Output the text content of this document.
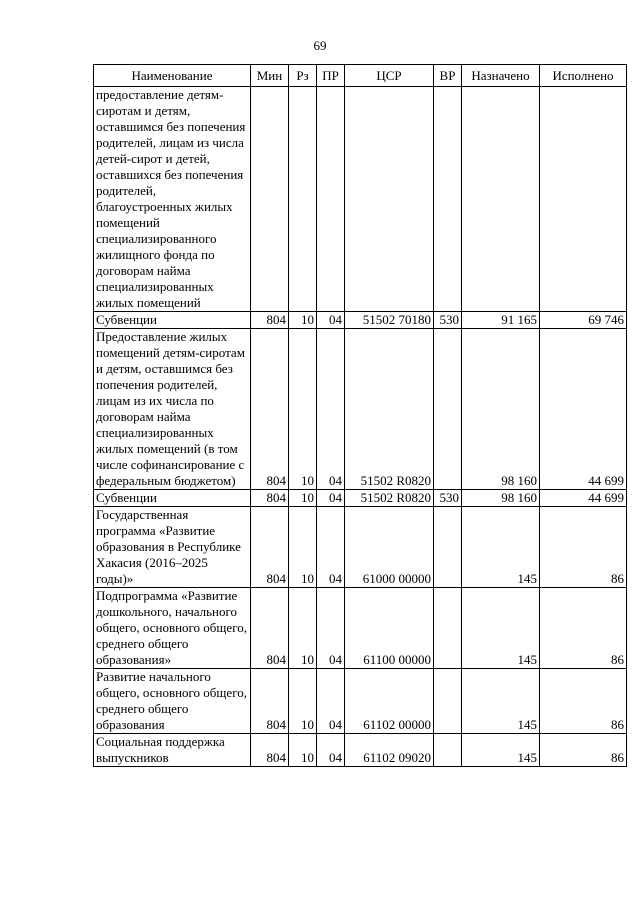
69
Наименование	Мин	Рз	ПР	ЦСР	ВР	Назначено	Исполнено
предоставление детям-сиротам и детям, оставшимся без попечения родителей, лицам из числа детей-сирот и детей, оставшихся без попечения родителей, благоустроенных жилых помещений специализированного жилищного фонда по договорам найма специализированных жилых помещений							
Субвенции	804	10	04	51502 70180	530	91 165	69 746
Предоставление жилых помещений детям-сиротам и детям, оставшимся без попечения родителей, лицам из их числа по договорам найма специализированных жилых помещений (в том числе софинансирование с федеральным бюджетом)	804	10	04	51502 R0820		98 160	44 699
Субвенции	804	10	04	51502 R0820	530	98 160	44 699
Государственная программа «Развитие образования в Республике Хакасия (2016–2025 годы)»	804	10	04	61000 00000		145	86
Подпрограмма «Развитие дошкольного, начального общего, основного общего, среднего общего образования»	804	10	04	61100 00000		145	86
Развитие начального общего, основного общего, среднего общего образования	804	10	04	61102 00000		145	86
Социальная поддержка выпускников	804	10	04	61102 09020		145	86
